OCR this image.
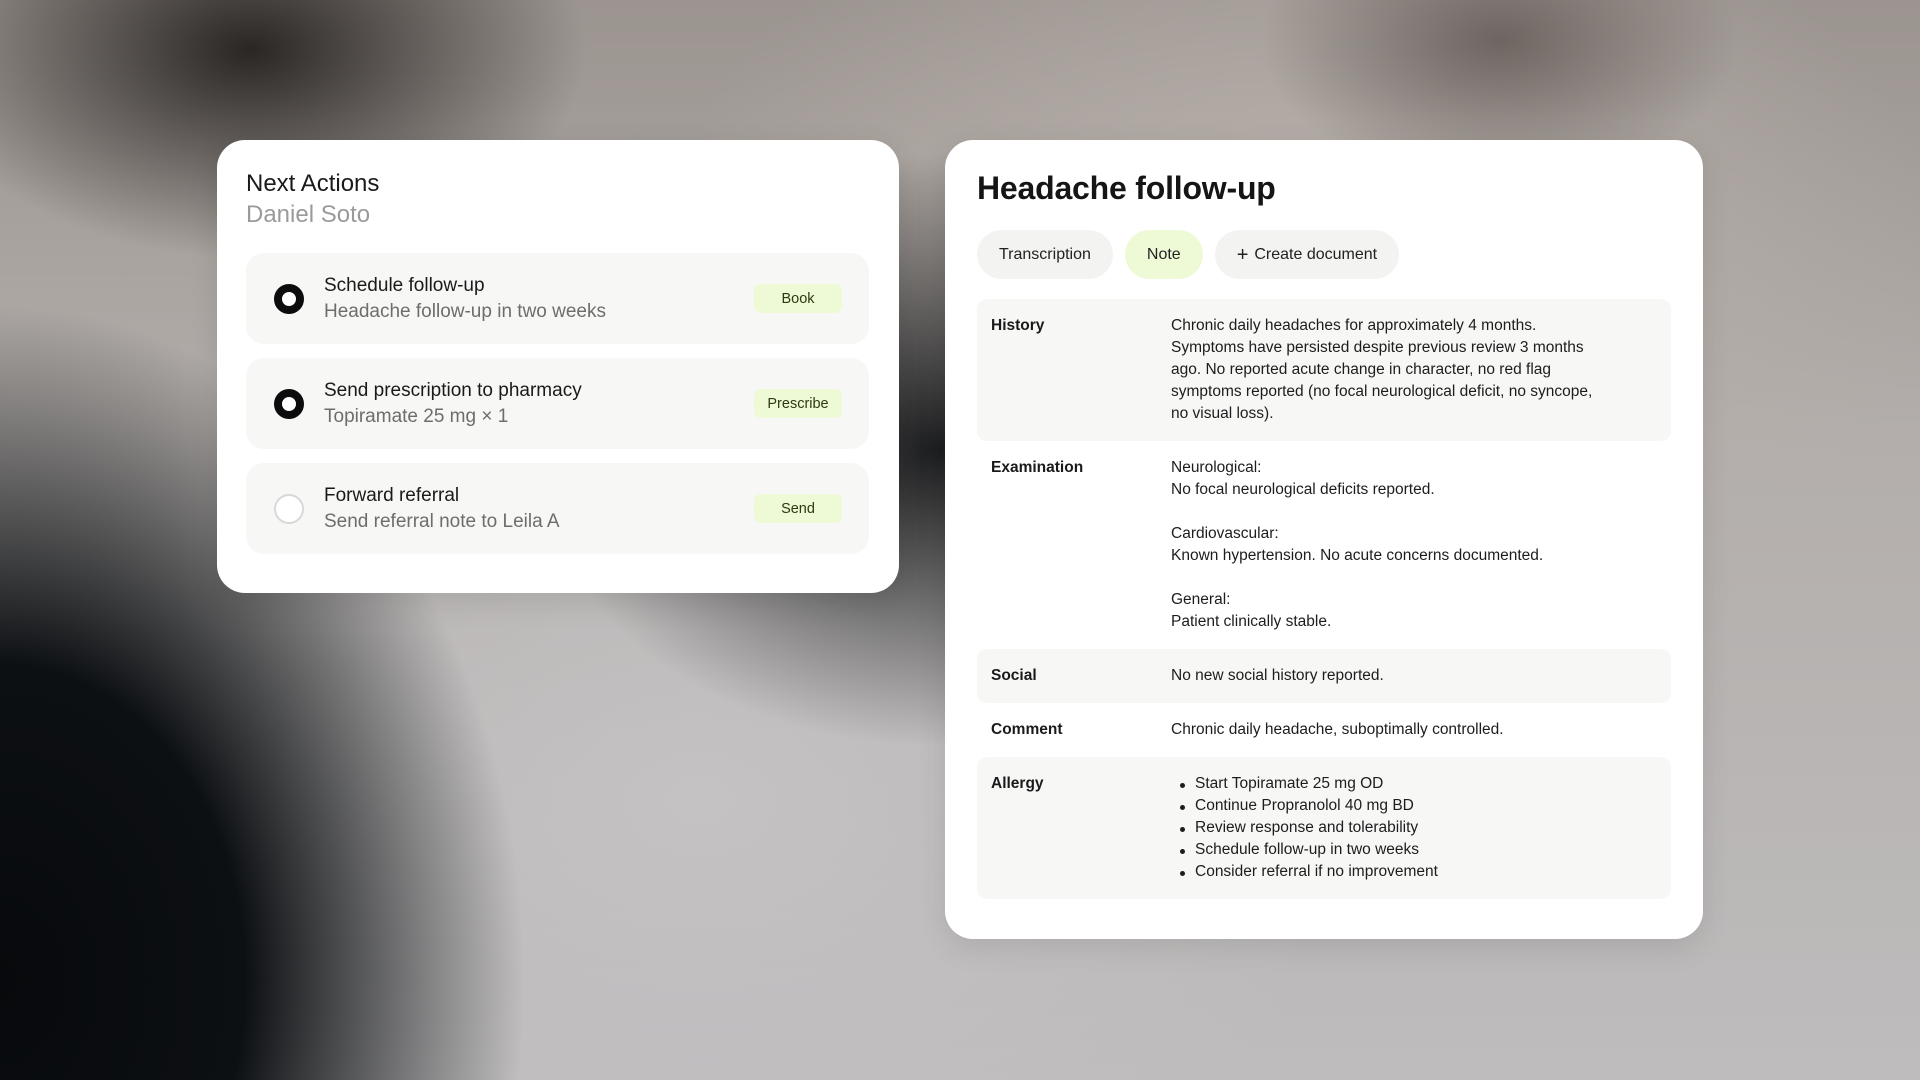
Next Actions
Daniel Soto
Schedule follow-up
Headache follow-up in two weeks
Book
Send prescription to pharmacy
Topiramate 25 mg × 1
Prescribe
Forward referral
Send referral note to Leila A
Send
Headache follow-up
Transcription	Note	+ Create document
History	Chronic daily headaches for approximately 4 months.
Symptoms have persisted despite previous review 3 months
ago. No reported acute change in character, no red flag
symptoms reported (no focal neurological deficit, no syncope,
no visual loss).
Examination	Neurological:
No focal neurological deficits reported.
Cardiovascular:
Known hypertension. No acute concerns documented.
General:
Patient clinically stable.
Social	No new social history reported.
Comment	Chronic daily headache, suboptimally controlled.
Allergy	Start Topiramate 25 mg OD
Continue Propranolol 40 mg BD
Review response and tolerability
Schedule follow-up in two weeks
Consider referral if no improvement
